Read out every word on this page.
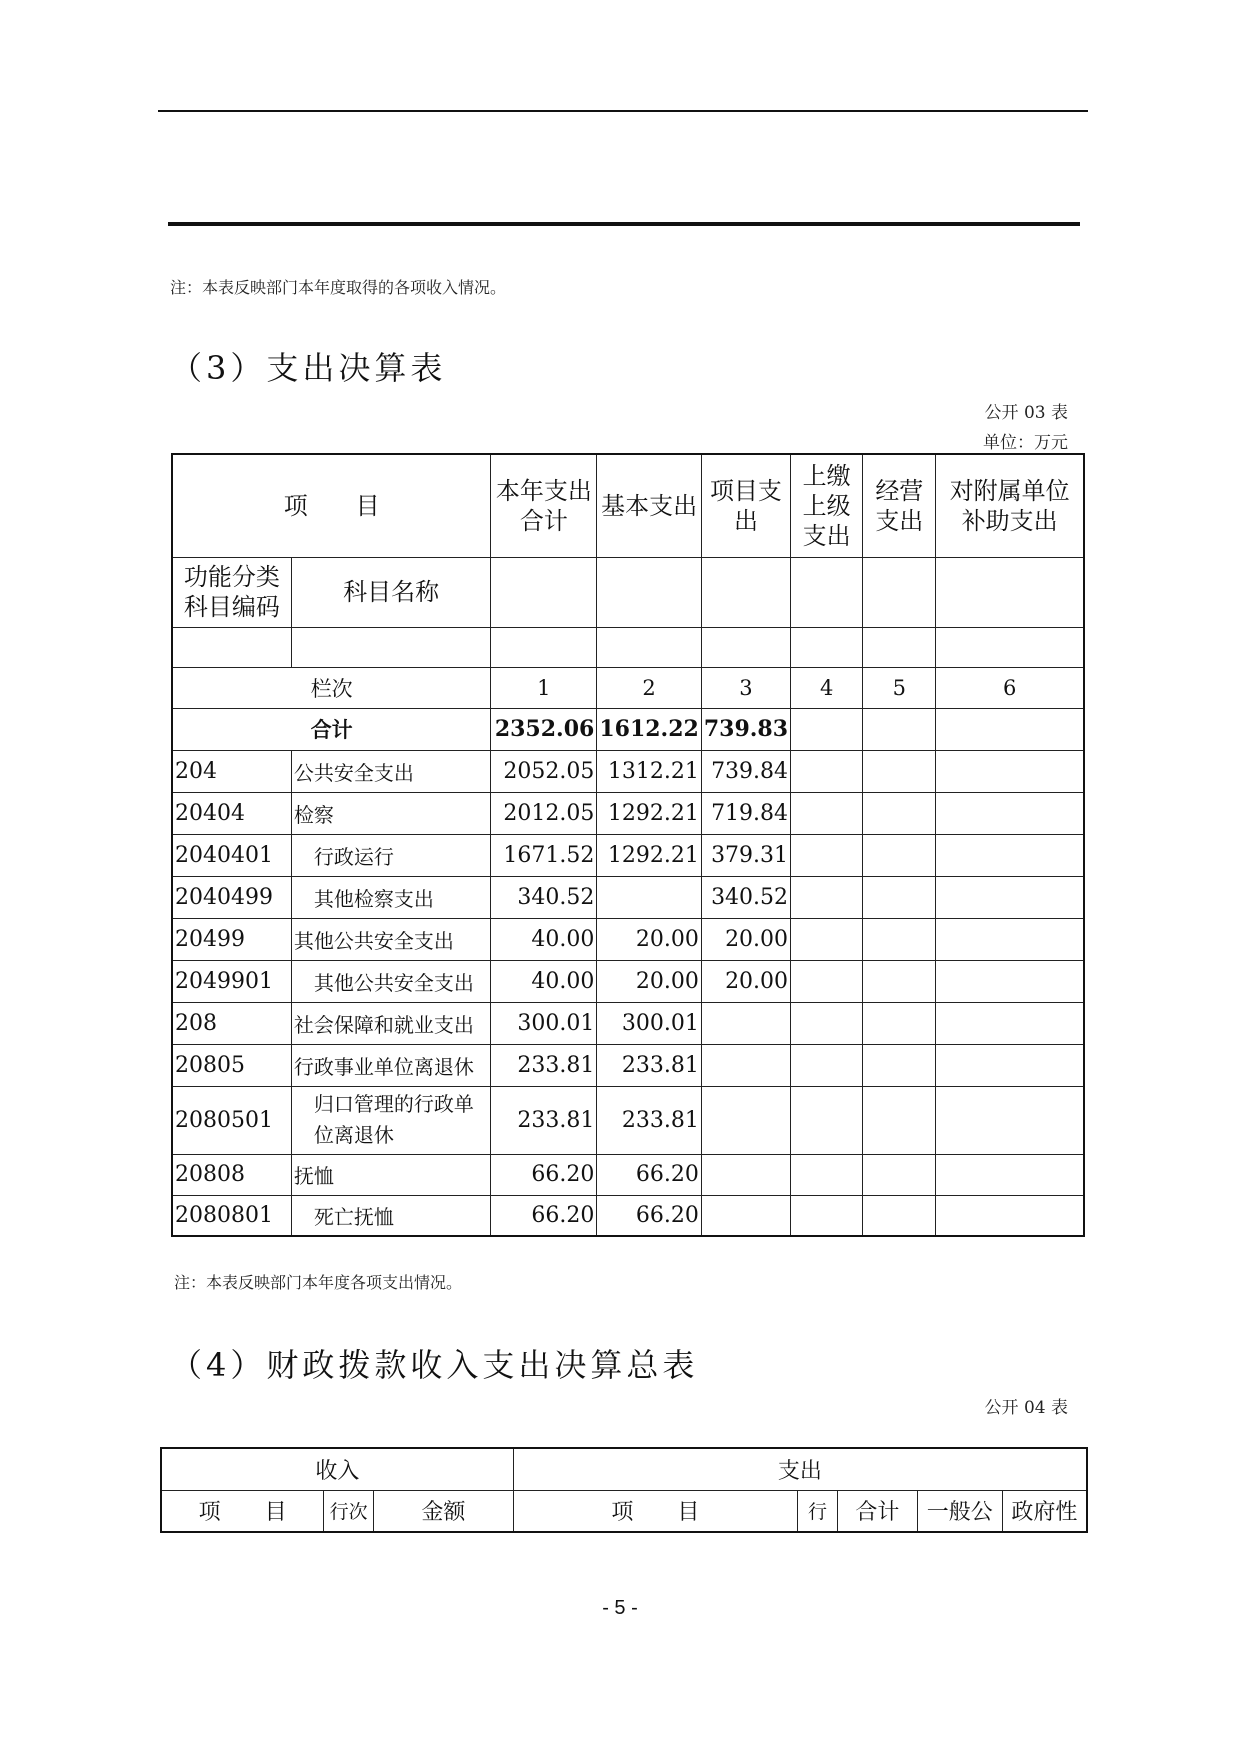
注：本表反映部门本年度取得的各项收入情况。
（3）支出决算表
公开 03 表
单位：万元
项　　目		本年支出合计	基本支出	项目支出	上缴上级支出	经营支出	对附属单位补助支出
功能分类科目编码	科目名称						

栏次		1	2	3	4	5	6
合计		2352.06	1612.22	739.83			
204	公共安全支出	2052.05	1312.21	739.84			
20404	检察	2012.05	1292.21	719.84			
2040401	行政运行	1671.52	1292.21	379.31			
2040499	其他检察支出	340.52		340.52			
20499	其他公共安全支出	40.00	20.00	20.00			
2049901	其他公共安全支出	40.00	20.00	20.00			
208	社会保障和就业支出	300.01	300.01				
20805	行政事业单位离退休	233.81	233.81				
2080501	归口管理的行政单位离退休	233.81	233.81				
20808	抚恤	66.20	66.20				
2080801	死亡抚恤	66.20	66.20				
注：本表反映部门本年度各项支出情况。
（4）财政拨款收入支出决算总表
公开 04 表
收入			支出				
项　　目	行次	金额	项　　目	行	合计	一般公	政府性
- 5 -
